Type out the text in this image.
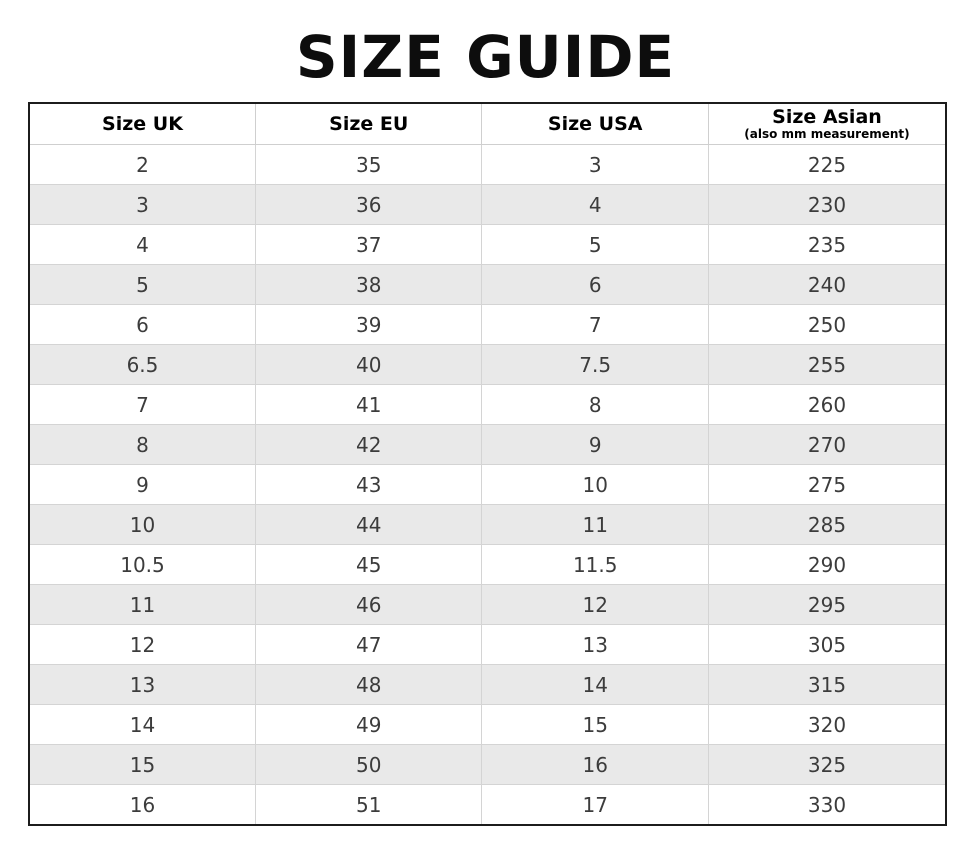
SIZE GUIDE
Size UK	Size EU	Size USA	Size Asian
(also mm measurement)

2	35	3	225
3	36	4	230
4	37	5	235
5	38	6	240
6	39	7	250
6.5	40	7.5	255
7	41	8	260
8	42	9	270
9	43	10	275
10	44	11	285
10.5	45	11.5	290
11	46	12	295
12	47	13	305
13	48	14	315
14	49	15	320
15	50	16	325
16	51	17	330
